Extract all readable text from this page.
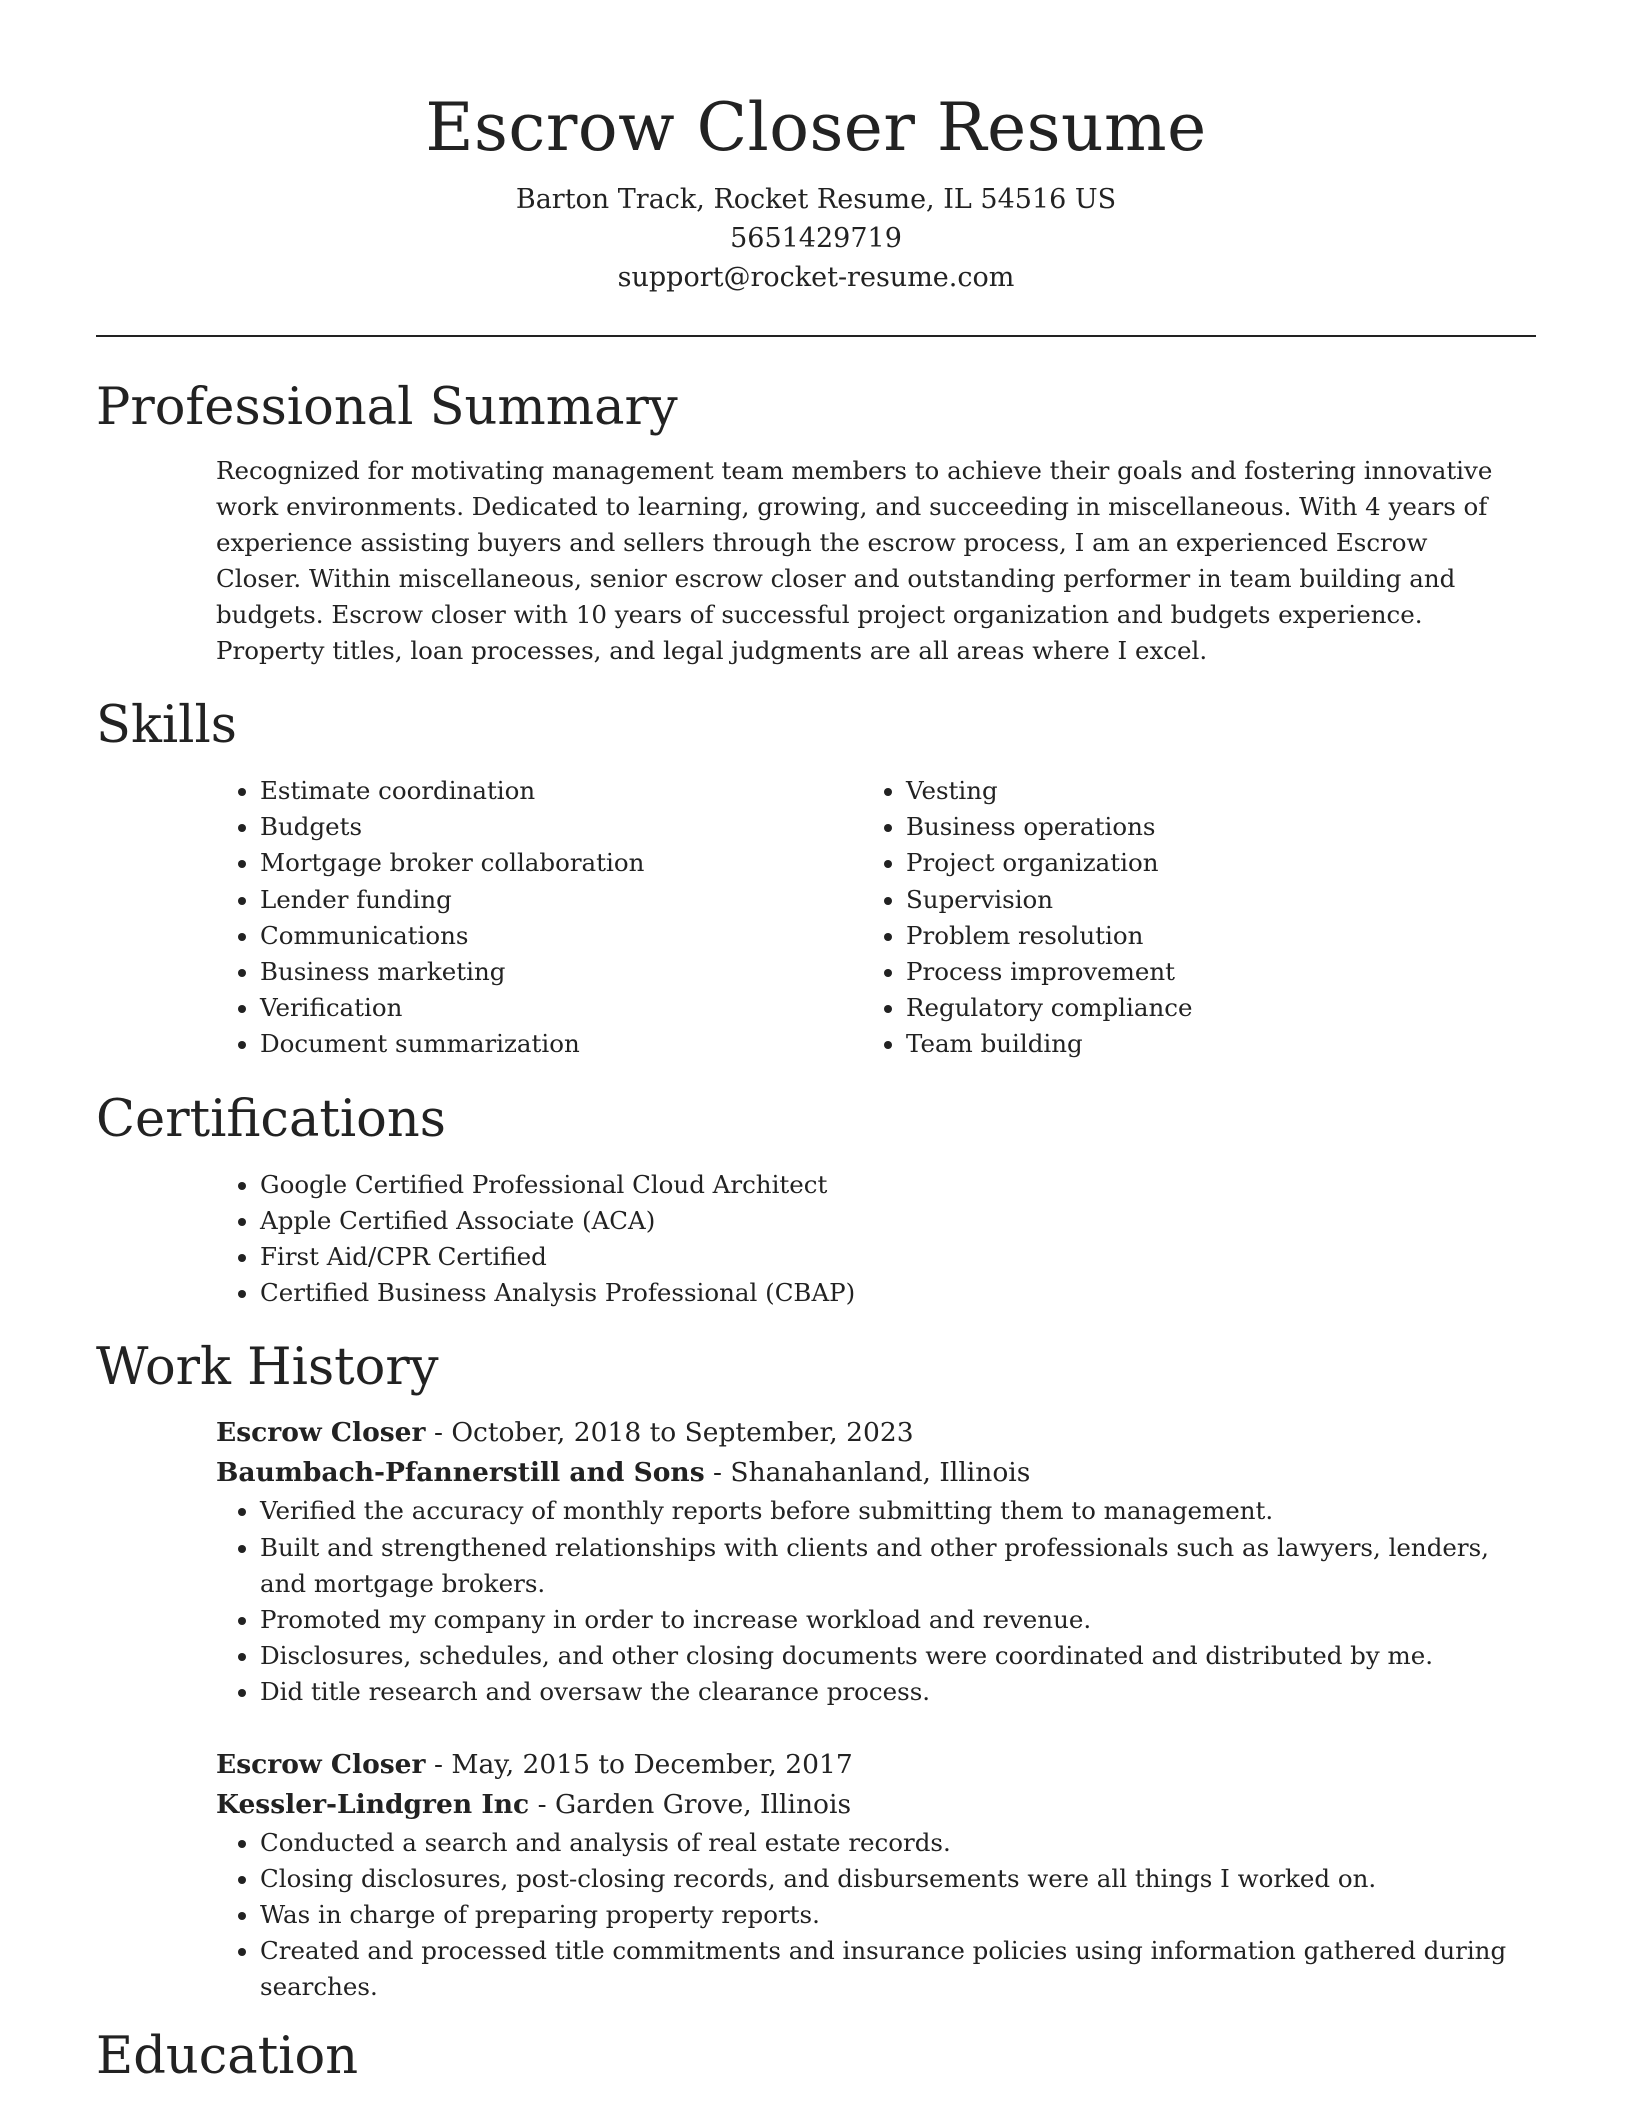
Escrow Closer Resume

Barton Track, Rocket Resume, IL 54516 US

5651429719

support@rocket-resume.com

Professional Summary

Recognized for motivating management team members to achieve their goals and fostering innovative work environments. Dedicated to learning, growing, and succeeding in miscellaneous. With 4 years of experience assisting buyers and sellers through the escrow process, I am an experienced Escrow Closer. Within miscellaneous, senior escrow closer and outstanding performer in team building and budgets. Escrow closer with 10 years of successful project organization and budgets experience. Property titles, loan processes, and legal judgments are all areas where I excel.

Skills
• Estimate coordination
• Budgets
• Mortgage broker collaboration
• Lender funding
• Communications
• Business marketing
• Verification
• Document summarization
• Vesting
• Business operations
• Project organization
• Supervision
• Problem resolution
• Process improvement
• Regulatory compliance
• Team building
Certifications
• Google Certified Professional Cloud Architect
• Apple Certified Associate (ACA)
• First Aid/CPR Certified
• Certified Business Analysis Professional (CBAP)
Work History

Escrow Closer - October, 2018 to September, 2023

Baumbach-Pfannerstill and Sons - Shanahanland, Illinois

• Verified the accuracy of monthly reports before submitting them to management.
• Built and strengthened relationships with clients and other professionals such as lawyers, lenders, and mortgage brokers.
• Promoted my company in order to increase workload and revenue.
• Disclosures, schedules, and other closing documents were coordinated and distributed by me.
• Did title research and oversaw the clearance process.

Escrow Closer - May, 2015 to December, 2017

Kessler-Lindgren Inc - Garden Grove, Illinois

• Conducted a search and analysis of real estate records.
• Closing disclosures, post-closing records, and disbursements were all things I worked on.
• Was in charge of preparing property reports.
• Created and processed title commitments and insurance policies using information gathered during searches.
Education
